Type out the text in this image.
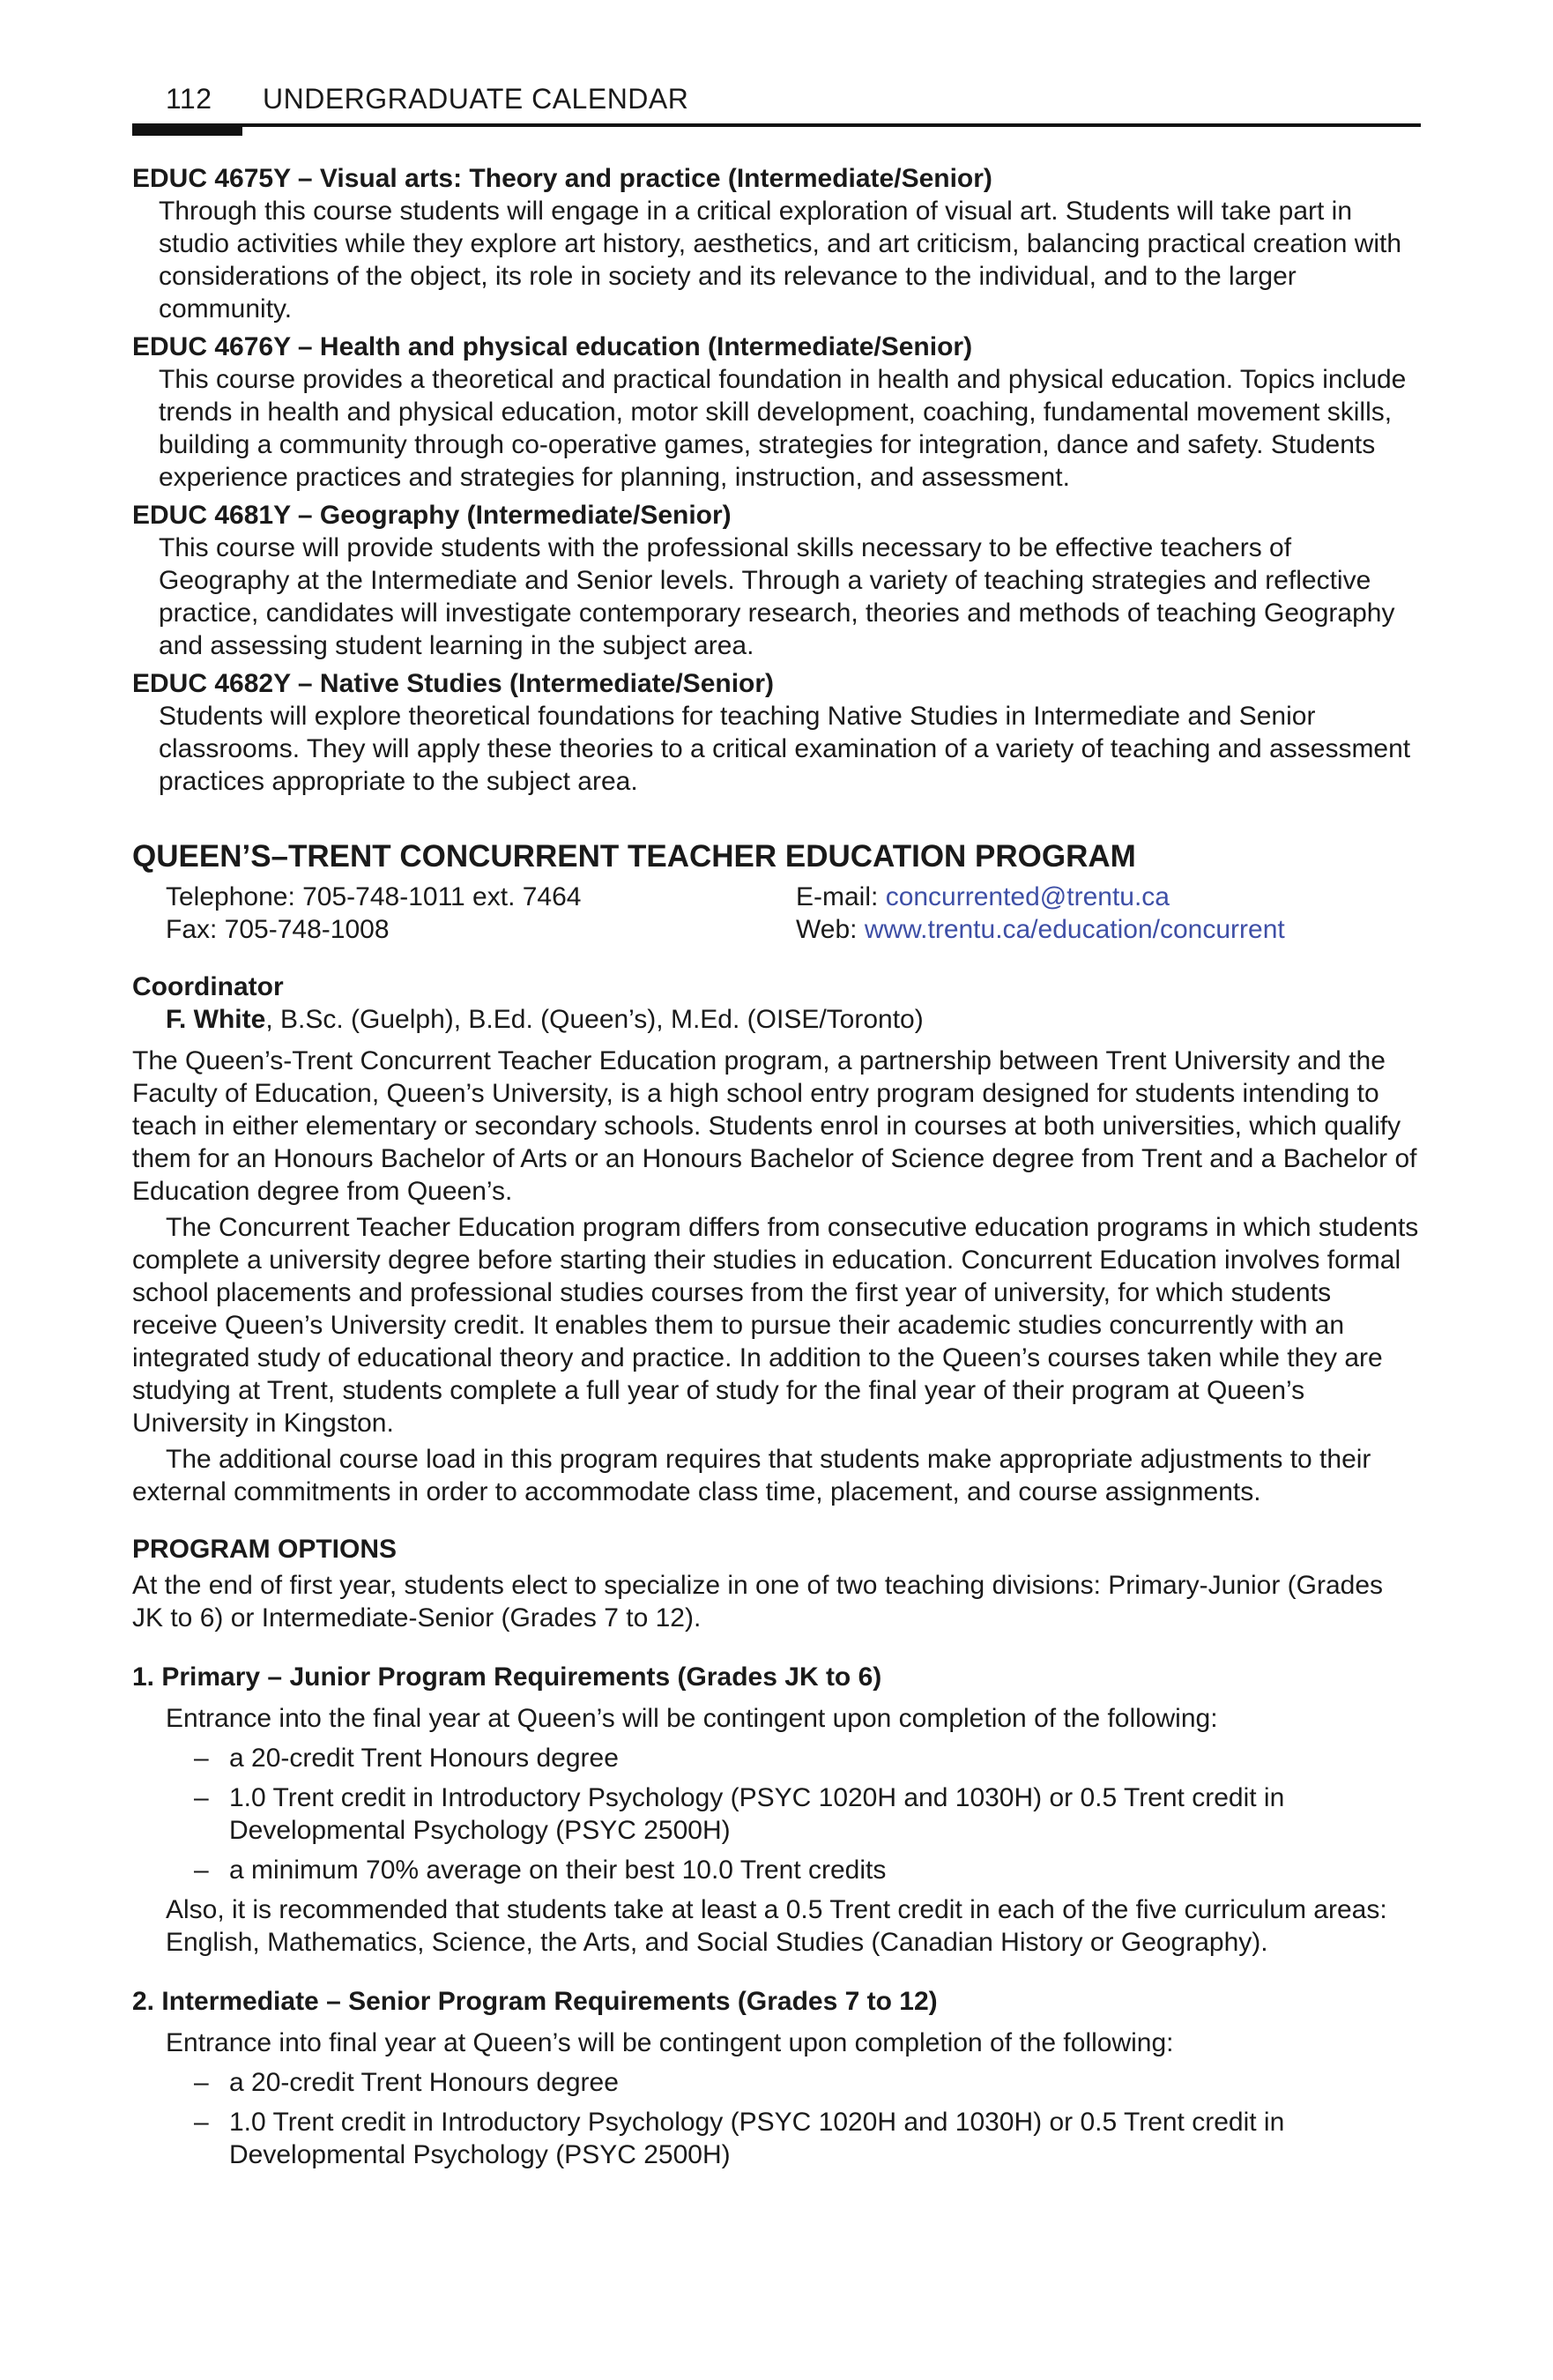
112 UNDERGRADUATE CALENDAR
EDUC 4675Y – Visual arts: Theory and practice (Intermediate/Senior)
Through this course students will engage in a critical exploration of visual art. Students will take part in studio activities while they explore art history, aesthetics, and art criticism, balancing practical creation with considerations of the object, its role in society and its relevance to the individual, and to the larger community.
EDUC 4676Y – Health and physical education (Intermediate/Senior)
This course provides a theoretical and practical foundation in health and physical education. Topics include trends in health and physical education, motor skill development, coaching, fundamental movement skills, building a community through co-operative games, strategies for integration, dance and safety. Students experience practices and strategies for planning, instruction, and assessment.
EDUC 4681Y – Geography (Intermediate/Senior)
This course will provide students with the professional skills necessary to be effective teachers of Geography at the Intermediate and Senior levels. Through a variety of teaching strategies and reflective practice, candidates will investigate contemporary research, theories and methods of teaching Geography and assessing student learning in the subject area.
EDUC 4682Y – Native Studies (Intermediate/Senior)
Students will explore theoretical foundations for teaching Native Studies in Intermediate and Senior classrooms. They will apply these theories to a critical examination of a variety of teaching and assessment practices appropriate to the subject area.
QUEEN’S–TRENT CONCURRENT TEACHER EDUCATION PROGRAM
Telephone: 705-748-1011 ext. 7464	E-mail: concurrented@trentu.ca
Fax: 705-748-1008	Web: www.trentu.ca/education/concurrent
Coordinator
F. White, B.Sc. (Guelph), B.Ed. (Queen’s), M.Ed. (OISE/Toronto)
The Queen’s-Trent Concurrent Teacher Education program, a partnership between Trent University and the Faculty of Education, Queen’s University, is a high school entry program designed for students intending to teach in either elementary or secondary schools. Students enrol in courses at both universities, which qualify them for an Honours Bachelor of Arts or an Honours Bachelor of Science degree from Trent and a Bachelor of Education degree from Queen’s.
The Concurrent Teacher Education program differs from consecutive education programs in which students complete a university degree before starting their studies in education. Concurrent Education involves formal school placements and professional studies courses from the first year of university, for which students receive Queen’s University credit. It enables them to pursue their academic studies concurrently with an integrated study of educational theory and practice. In addition to the Queen’s courses taken while they are studying at Trent, students complete a full year of study for the final year of their program at Queen’s University in Kingston.
The additional course load in this program requires that students make appropriate adjustments to their external commitments in order to accommodate class time, placement, and course assignments.
PROGRAM OPTIONS
At the end of first year, students elect to specialize in one of two teaching divisions: Primary-Junior (Grades JK to 6) or Intermediate-Senior (Grades 7 to 12).
1. Primary – Junior Program Requirements (Grades JK to 6)
Entrance into the final year at Queen’s will be contingent upon completion of the following:
– a 20-credit Trent Honours degree
– 1.0 Trent credit in Introductory Psychology (PSYC 1020H and 1030H) or 0.5 Trent credit in Developmental Psychology (PSYC 2500H)
– a minimum 70% average on their best 10.0 Trent credits
Also, it is recommended that students take at least a 0.5 Trent credit in each of the five curriculum areas: English, Mathematics, Science, the Arts, and Social Studies (Canadian History or Geography).
2. Intermediate – Senior Program Requirements (Grades 7 to 12)
Entrance into final year at Queen’s will be contingent upon completion of the following:
– a 20-credit Trent Honours degree
– 1.0 Trent credit in Introductory Psychology (PSYC 1020H and 1030H) or 0.5 Trent credit in Developmental Psychology (PSYC 2500H)
